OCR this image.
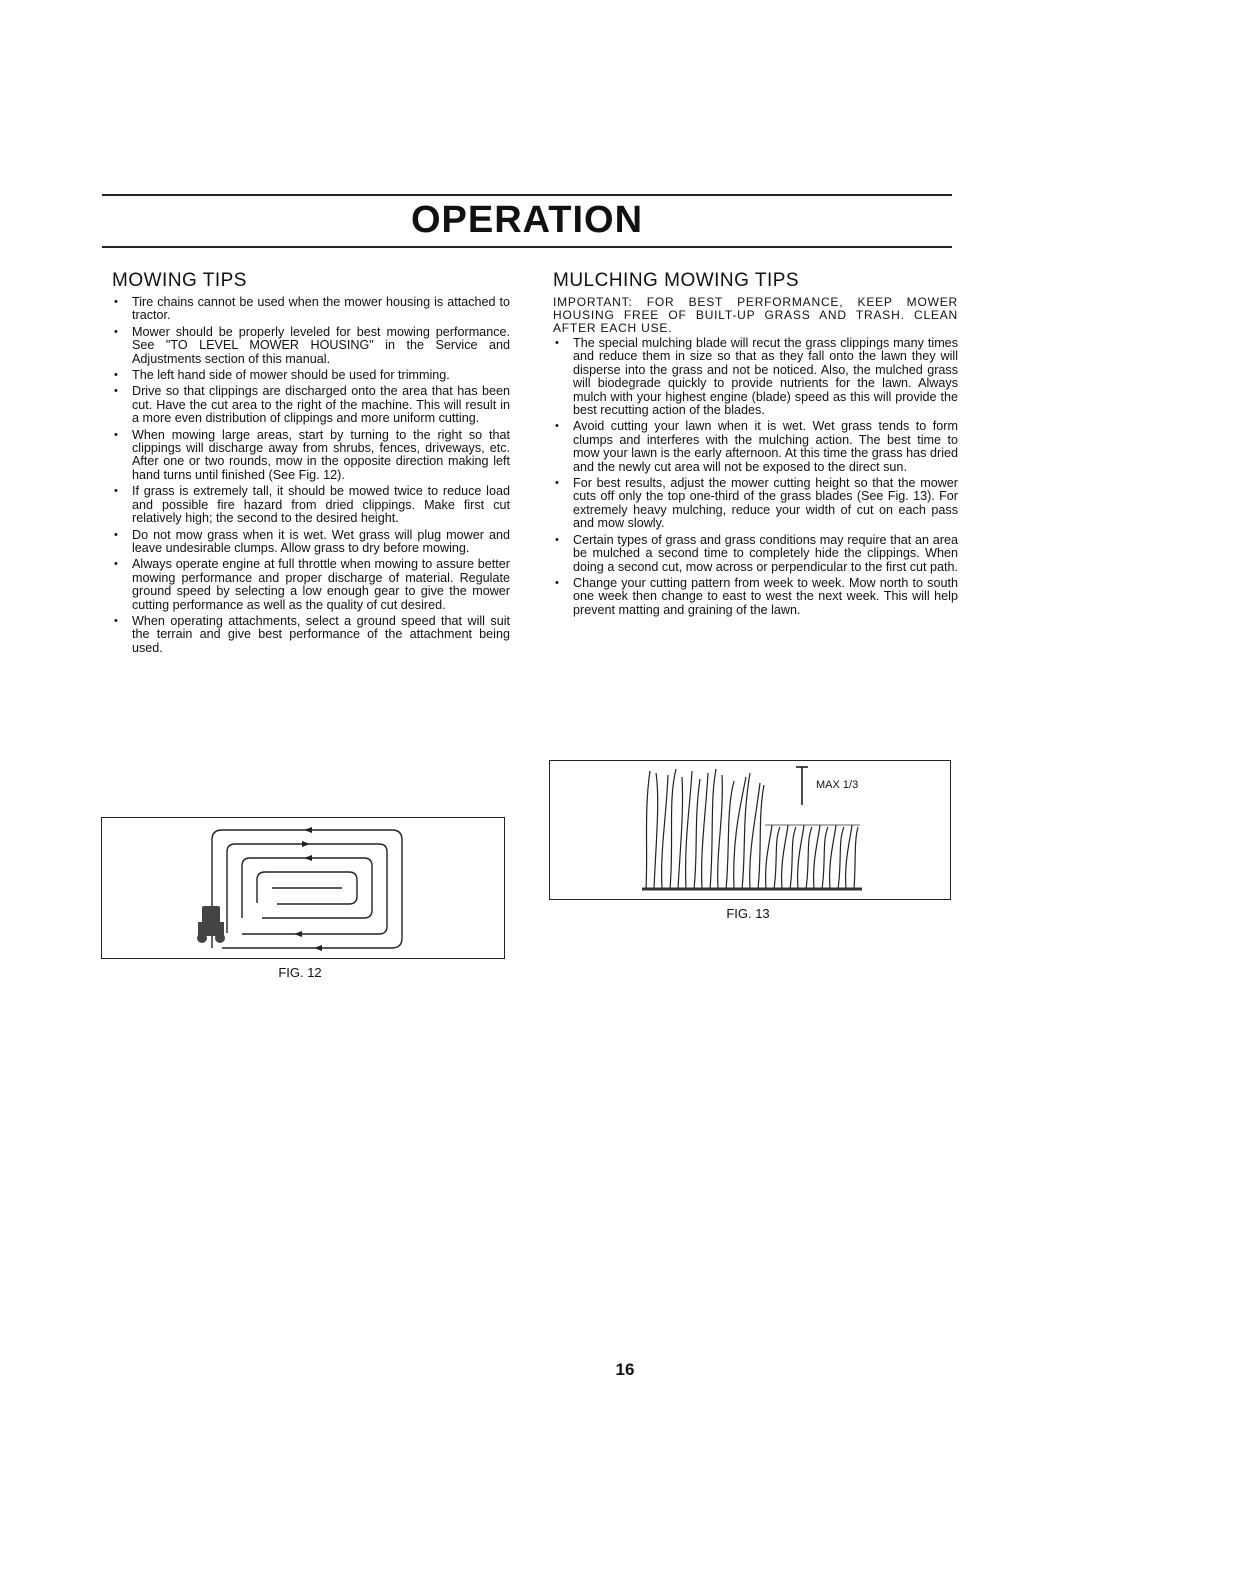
OPERATION
MOWING TIPS
• Tire chains cannot be used when the mower housing is attached to tractor.
• Mower should be properly leveled for best mowing performance. See "TO LEVEL MOWER HOUSING" in the Service and Adjustments section of this manual.
• The left hand side of mower should be used for trimming.
• Drive so that clippings are discharged onto the area that has been cut. Have the cut area to the right of the machine. This will result in a more even distribution of clippings and more uniform cutting.
• When mowing large areas, start by turning to the right so that clippings will discharge away from shrubs, fences, driveways, etc. After one or two rounds, mow in the opposite direction making left hand turns until finished (See Fig. 12).
• If grass is extremely tall, it should be mowed twice to reduce load and possible fire hazard from dried clippings. Make first cut relatively high; the second to the desired height.
• Do not mow grass when it is wet. Wet grass will plug mower and leave undesirable clumps. Allow grass to dry before mowing.
• Always operate engine at full throttle when mowing to assure better mowing performance and proper discharge of material. Regulate ground speed by selecting a low enough gear to give the mower cutting performance as well as the quality of cut desired.
• When operating attachments, select a ground speed that will suit the terrain and give best performance of the attachment being used.
FIG. 12
MULCHING MOWING TIPS

IMPORTANT: FOR BEST PERFORMANCE, KEEP MOWER HOUSING FREE OF BUILT-UP GRASS AND TRASH. CLEAN AFTER EACH USE.

• The special mulching blade will recut the grass clippings many times and reduce them in size so that as they fall onto the lawn they will disperse into the grass and not be noticed. Also, the mulched grass will biodegrade quickly to provide nutrients for the lawn. Always mulch with your highest engine (blade) speed as this will provide the best recutting action of the blades.
• Avoid cutting your lawn when it is wet. Wet grass tends to form clumps and interferes with the mulching action. The best time to mow your lawn is the early afternoon. At this time the grass has dried and the newly cut area will not be exposed to the direct sun.
• For best results, adjust the mower cutting height so that the mower cuts off only the top one-third of the grass blades (See Fig. 13). For extremely heavy mulching, reduce your width of cut on each pass and mow slowly.
• Certain types of grass and grass conditions may require that an area be mulched a second time to completely hide the clippings. When doing a second cut, mow across or perpendicular to the first cut path.
• Change your cutting pattern from week to week. Mow north to south one week then change to east to west the next week. This will help prevent matting and graining of the lawn.
MAX 1/3
FIG. 13
16
